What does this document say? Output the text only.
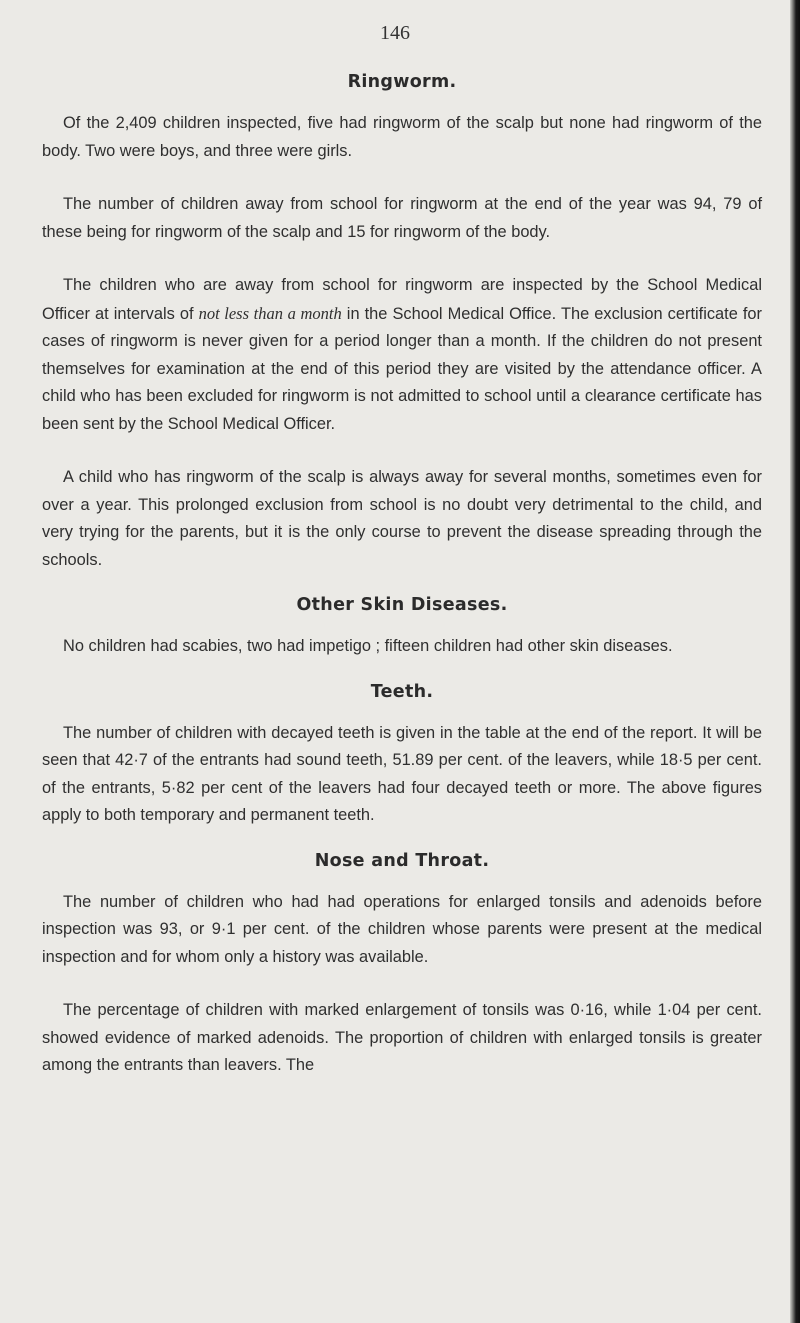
146
Ringworm.

Of the 2,409 children inspected, five had ringworm of the scalp but none had ringworm of the body. Two were boys, and three were girls.

The number of children away from school for ringworm at the end of the year was 94, 79 of these being for ringworm of the scalp and 15 for ringworm of the body.

The children who are away from school for ringworm are inspected by the School Medical Officer at intervals of not less than a month in the School Medical Office. The exclusion certificate for cases of ringworm is never given for a period longer than a month. If the children do not present themselves for examination at the end of this period they are visited by the attendance officer. A child who has been excluded for ringworm is not admitted to school until a clearance certificate has been sent by the School Medical Officer.

A child who has ringworm of the scalp is always away for several months, sometimes even for over a year. This prolonged exclusion from school is no doubt very detrimental to the child, and very trying for the parents, but it is the only course to prevent the disease spreading through the schools.

Other Skin Diseases.

No children had scabies, two had impetigo ; fifteen children had other skin diseases.

Teeth.

The number of children with decayed teeth is given in the table at the end of the report. It will be seen that 42·7 of the entrants had sound teeth, 51.89 per cent. of the leavers, while 18·5 per cent. of the entrants, 5·82 per cent of the leavers had four decayed teeth or more. The above figures apply to both temporary and permanent teeth.

Nose and Throat.

The number of children who had had operations for enlarged tonsils and adenoids before inspection was 93, or 9·1 per cent. of the children whose parents were present at the medical inspection and for whom only a history was available.

The percentage of children with marked enlargement of tonsils was 0·16, while 1·04 per cent. showed evidence of marked adenoids. The proportion of children with enlarged tonsils is greater among the entrants than leavers. The
